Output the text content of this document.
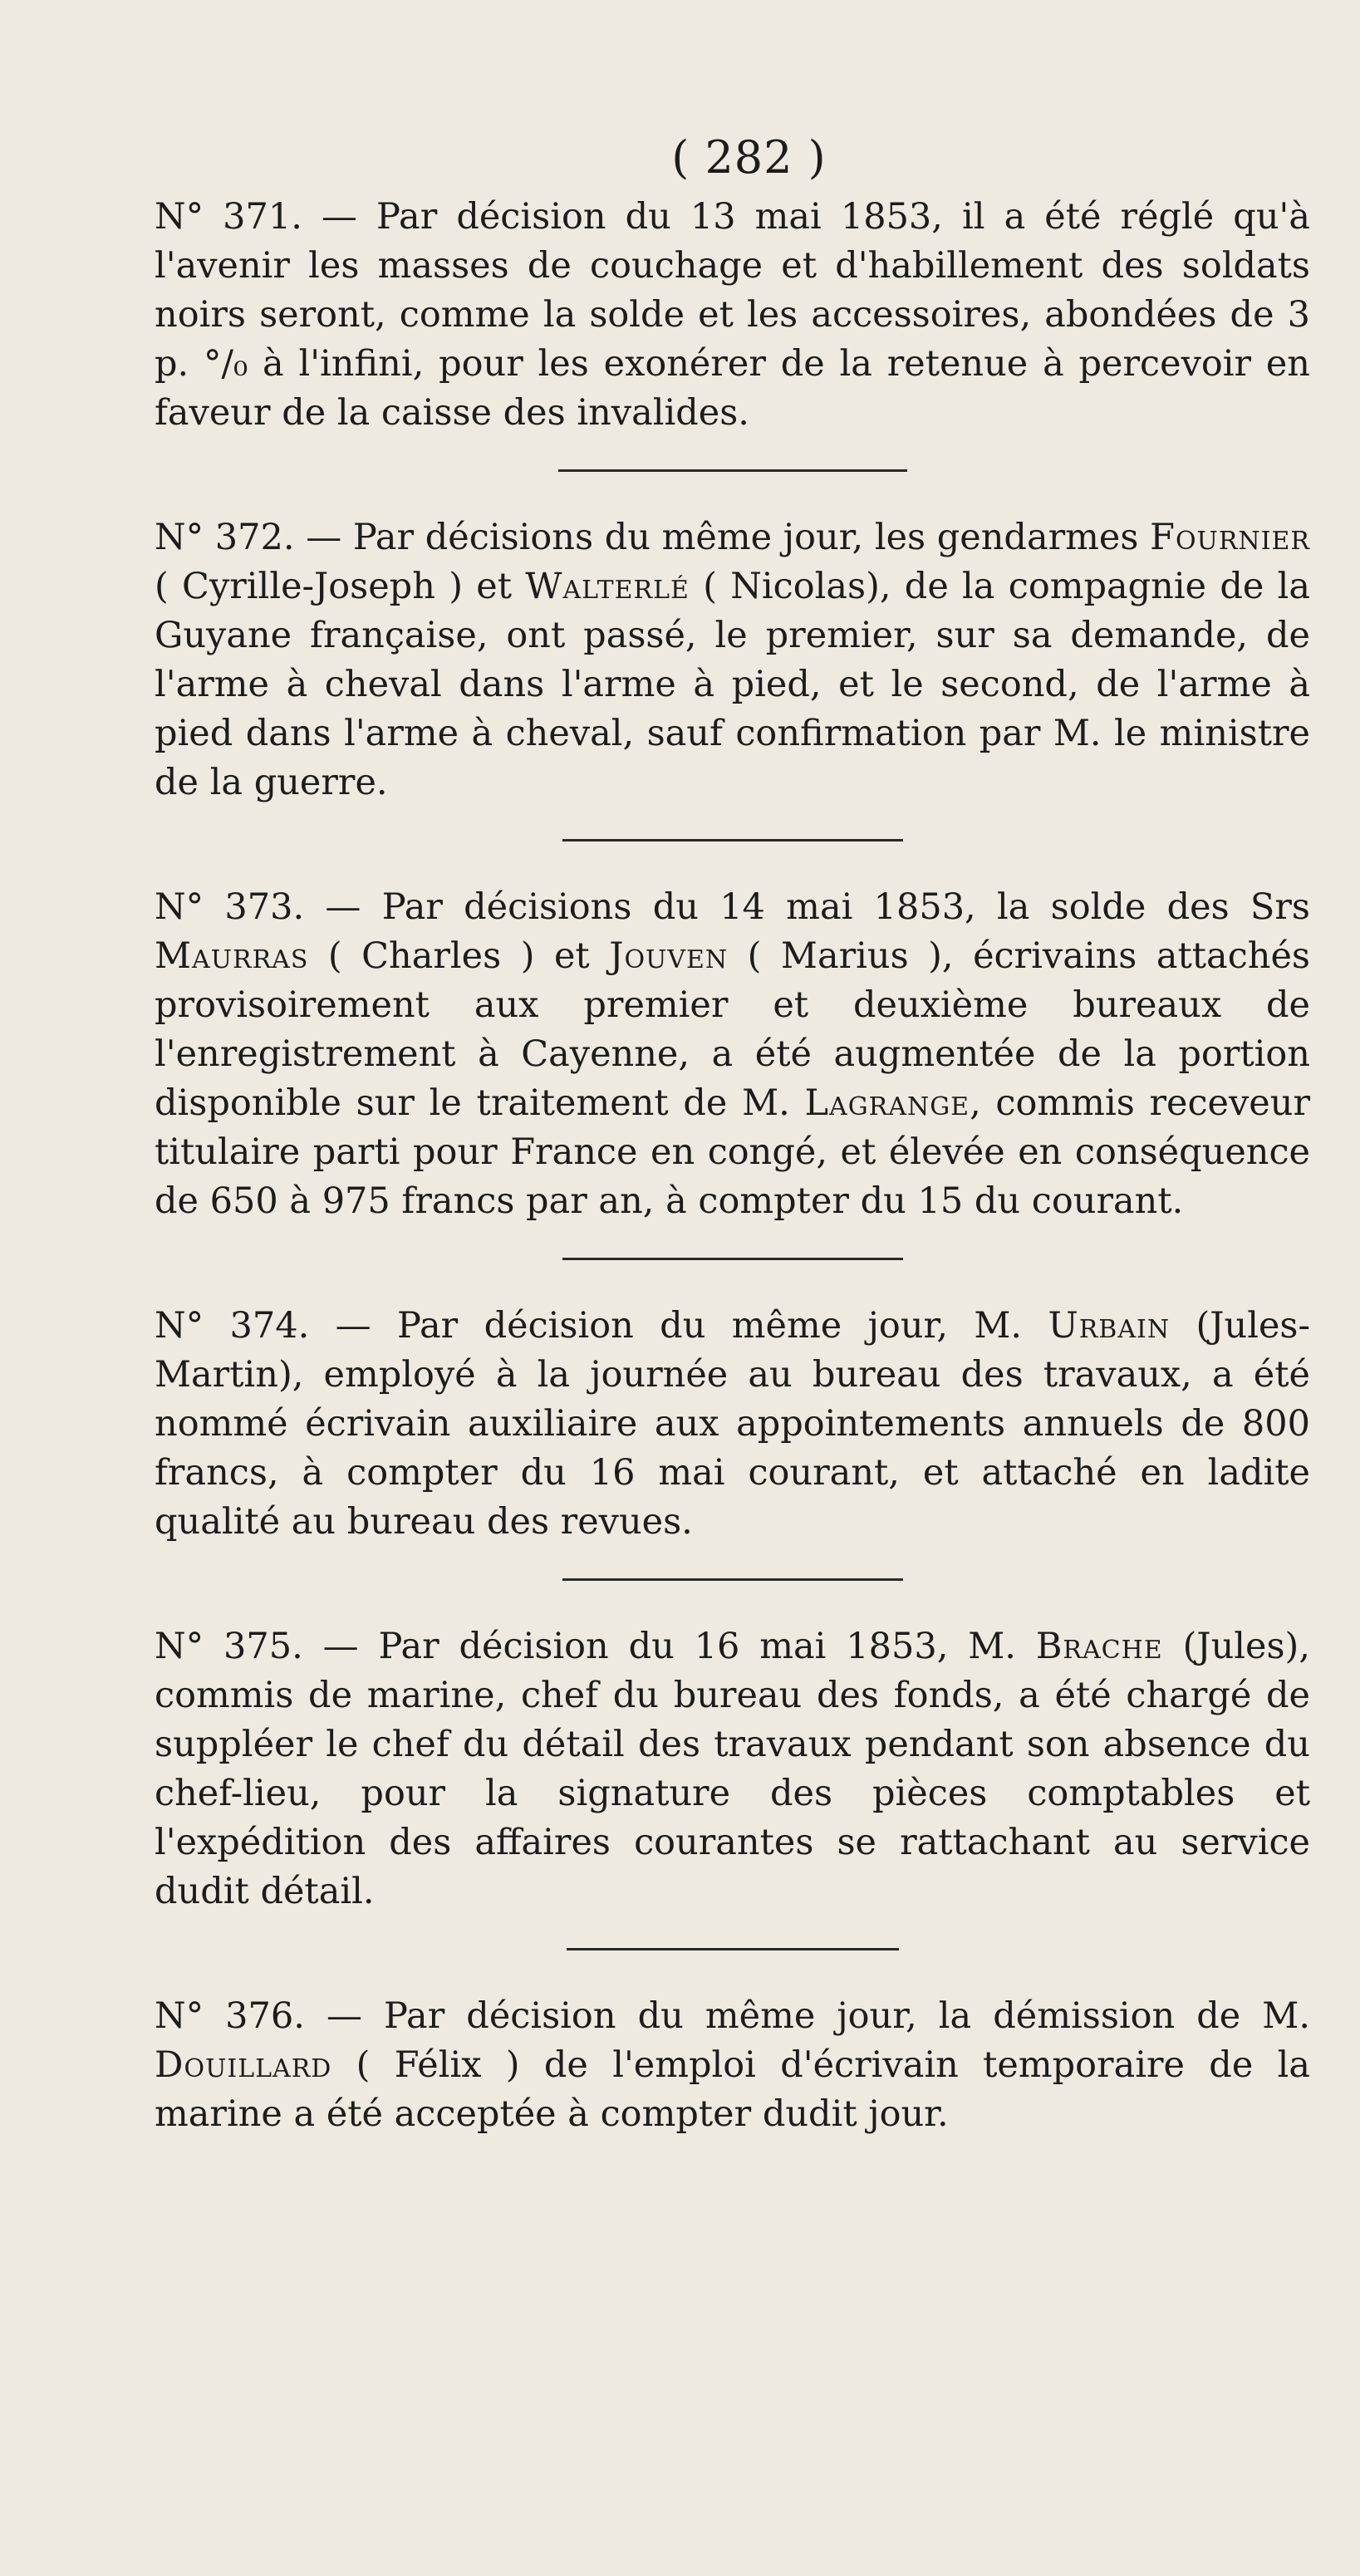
( 282 )

N° 371. — Par décision du 13 mai 1853, il a été réglé qu'à l'avenir les masses de couchage et d'habillement des soldats noirs seront, comme la solde et les accessoires, abondées de 3 p. °/₀ à l'infini, pour les exonérer de la retenue à percevoir en faveur de la caisse des invalides.

N° 372. — Par décisions du même jour, les gendarmes Fournier ( Cyrille-Joseph ) et Walterlé ( Nicolas), de la compagnie de la Guyane française, ont passé, le premier, sur sa demande, de l'arme à cheval dans l'arme à pied, et le second, de l'arme à pied dans l'arme à cheval, sauf confirmation par M. le ministre de la guerre.

N° 373. — Par décisions du 14 mai 1853, la solde des Srs Maurras ( Charles ) et Jouven ( Marius ), écrivains attachés provisoirement aux premier et deuxième bureaux de l'enregistrement à Cayenne, a été augmentée de la portion disponible sur le traitement de M. Lagrange, commis receveur titulaire parti pour France en congé, et élevée en conséquence de 650 à 975 francs par an, à compter du 15 du courant.

N° 374. — Par décision du même jour, M. Urbain (Jules-Martin), employé à la journée au bureau des travaux, a été nommé écrivain auxiliaire aux appointements annuels de 800 francs, à compter du 16 mai courant, et attaché en ladite qualité au bureau des revues.

N° 375. — Par décision du 16 mai 1853, M. Brache (Jules), commis de marine, chef du bureau des fonds, a été chargé de suppléer le chef du détail des travaux pendant son absence du chef-lieu, pour la signature des pièces comptables et l'expédition des affaires courantes se rattachant au service dudit détail.

N° 376. — Par décision du même jour, la démission de M. Douillard ( Félix ) de l'emploi d'écrivain temporaire de la marine a été acceptée à compter dudit jour.
